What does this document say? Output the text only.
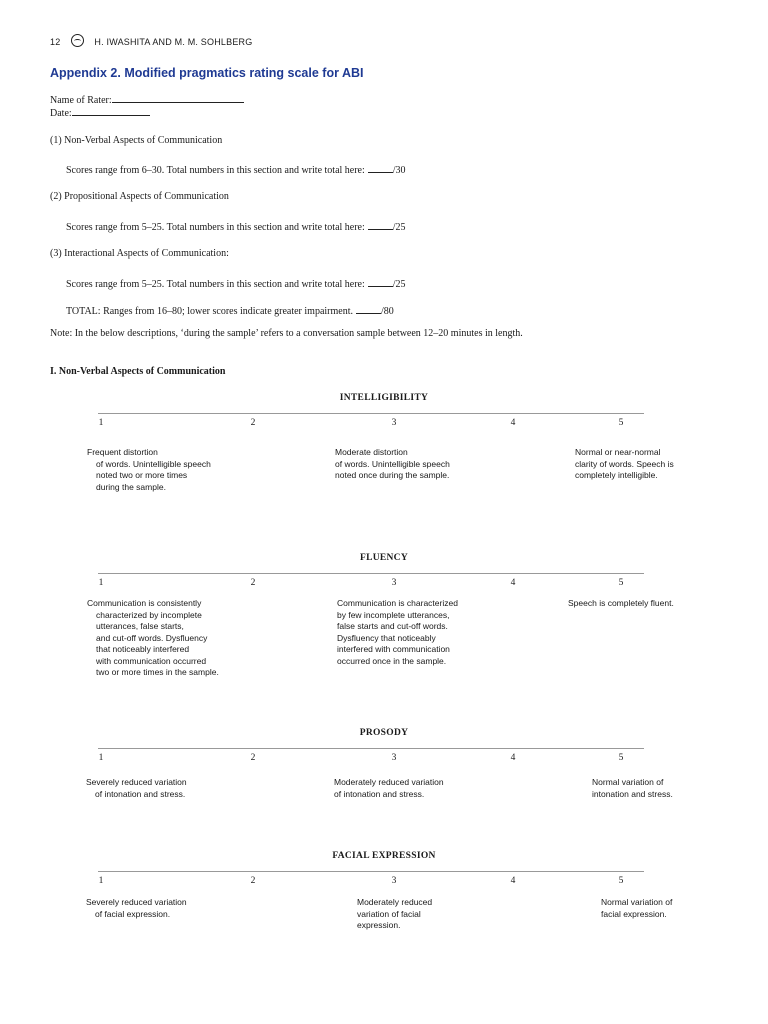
12	H. IWASHITA AND M. M. SOHLBERG
Appendix 2. Modified pragmatics rating scale for ABI
Name of Rater:
Date:
(1) Non-Verbal Aspects of Communication
Scores range from 6–30. Total numbers in this section and write total here:	/30
(2) Propositional Aspects of Communication
Scores range from 5–25. Total numbers in this section and write total here:	/25
(3) Interactional Aspects of Communication:
Scores range from 5–25. Total numbers in this section and write total here:	/25
TOTAL: Ranges from 16–80; lower scores indicate greater impairment.	/80
Note: In the below descriptions, ‘during the sample’ refers to a conversation sample between 12–20 minutes in length.
I. Non-Verbal Aspects of Communication
INTELLIGIBILITY
1	2	3	4	5
Frequent distortion
of words. Unintelligible speech
noted two or more times
during the sample.
Moderate distortion
of words. Unintelligible speech
noted once during the sample.
Normal or near-normal
clarity of words. Speech is
completely intelligible.
FLUENCY
1	2	3	4	5
Communication is consistently
characterized by incomplete
utterances, false starts,
and cut-off words. Dysfluency
that noticeably interfered
with communication occurred
two or more times in the sample.
Communication is characterized
by few incomplete utterances,
false starts and cut-off words.
Dysfluency that noticeably
interfered with communication
occurred once in the sample.
Speech is completely fluent.
PROSODY
1	2	3	4	5
Severely reduced variation
of intonation and stress.
Moderately reduced variation
of intonation and stress.
Normal variation of
intonation and stress.
FACIAL EXPRESSION
1	2	3	4	5
Severely reduced variation
of facial expression.
Moderately reduced
variation of facial
expression.
Normal variation of
facial expression.
